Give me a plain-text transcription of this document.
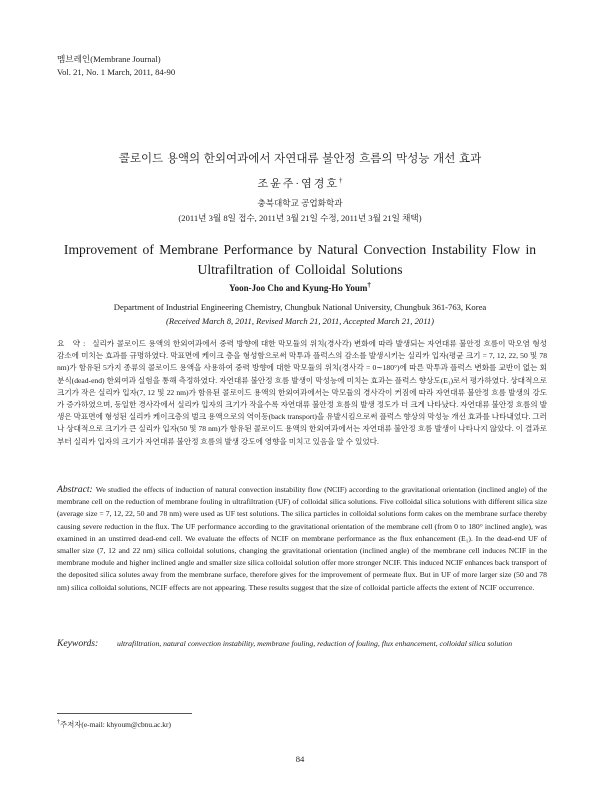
멤브레인(Membrane Journal)
Vol. 21, No. 1 March, 2011, 84-90
콜로이드 용액의 한외여과에서 자연대류 불안정 흐름의 막성능 개선 효과
조윤주·염경호†
충북대학교 공업화학과
(2011년 3월 8일 접수, 2011년 3월 21일 수정, 2011년 3월 21일 채택)
Improvement of Membrane Performance by Natural Convection Instability Flow in Ultrafiltration of Colloidal Solutions
Yoon-Joo Cho and Kyung-Ho Youm†
Department of Industrial Engineering Chemistry, Chungbuk National University, Chungbuk 361-763, Korea
(Received March 8, 2011, Revised March 21, 2011, Accepted March 21, 2011)

요 약: 실리카 콜로이드 용액의 한외여과에서 중력 방향에 대한 막모듈의 위치(경사각) 변화에 따라 발생되는 자연대류 불안정 흐름이 막오염 형성 감소에 미치는 효과를 규명하였다. 막표면에 케이크 층을 형성함으로써 막투과 플럭스의 감소를 발생시키는 실리카 입자(평균 크기 = 7, 12, 22, 50 및 78 nm)가 함유된 5가지 종류의 콜로이드 용액을 사용하여 중력 방향에 대한 막모듈의 위치(경사각 = 0∼180°)에 따른 막투과 플럭스 변화를 교반이 없는 회분식(dead-end) 한외여과 실험을 통해 측정하였다. 자연대류 불안정 흐름 발생이 막성능에 미치는 효과는 플럭스 향상도(E₁)로서 평가하였다. 상대적으로 크기가 작은 실리카 입자(7, 12 및 22 nm)가 함유된 콜로이드 용액의 한외여과에서는 막모듈의 경사각이 커짐에 따라 자연대류 불안정 흐름 발생의 강도가 증가하였으며, 동일한 경사각에서 실리카 입자의 크기가 작을수록 자연대류 불안정 흐름의 발생 정도가 더 크게 나타났다. 자연대류 불안정 흐름의 발생은 막표면에 형성된 실리카 케이크층의 벌크 용액으로의 역이동(back transport)을 유발시킴으로써 플럭스 향상의 막성능 개선 효과를 나타내었다. 그러나 상대적으로 크기가 큰 실리카 입자(50 및 78 nm)가 함유된 콜로이드 용액의 한외여과에서는 자연대류 불안정 흐름 발생이 나타나지 않았다. 이 결과로부터 실리카 입자의 크기가 자연대류 불안정 흐름의 발생 강도에 영향을 미치고 있음을 알 수 있었다.

Abstract: We studied the effects of induction of natural convection instability flow (NCIF) according to the gravitational orientation (inclined angle) of the membrane cell on the reduction of membrane fouling in ultrafiltration (UF) of colloidal silica solutions. Five colloidal silica solutions with different silica size (average size = 7, 12, 22, 50 and 78 nm) were used as UF test solutions. The silica particles in colloidal solutions form cakes on the membrane surface thereby causing severe reduction in the flux. The UF performance according to the gravitational orientation of the membrane cell (from 0 to 180° inclined angle), was examined in an unstirred dead-end cell. We evaluate the effects of NCIF on membrane performance as the flux enhancement (E₁). In the dead-end UF of smaller size (7, 12 and 22 nm) silica colloidal solutions, changing the gravitational orientation (inclined angle) of the membrane cell induces NCIF in the membrane module and higher inclined angle and smaller size silica colloidal solution offer more stronger NCIF. This induced NCIF enhances back transport of the deposited silica solutes away from the membrane surface, therefore gives for the improvement of permeate flux. But in UF of more larger size (50 and 78 nm) silica colloidal solutions, NCIF effects are not appearing. These results suggest that the size of colloidal particle affects the extent of NCIF occurrence.

Keywords: ultrafiltration, natural convection instability, membrane fouling, reduction of fouling, flux enhancement, colloidal silica solution
†주저자(e-mail: khyoum@cbnu.ac.kr)
84
